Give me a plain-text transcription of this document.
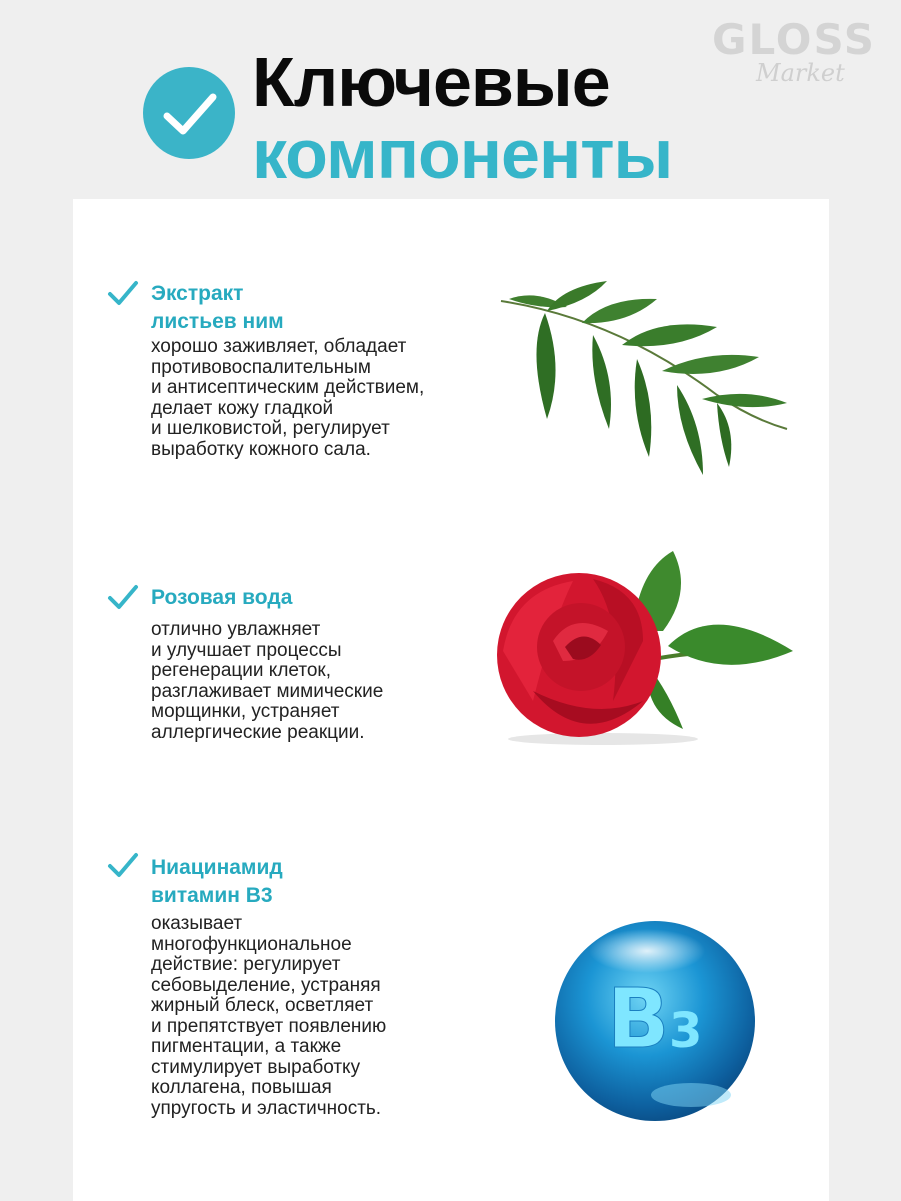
GLOSS
Market
Ключевые
компоненты
Экстракт
листьев ним
хорошо заживляет, обладает
противовоспалительным
и антисептическим действием,
делает кожу гладкой
и шелковистой, регулирует
выработку кожного сала.
Розовая вода
отлично увлажняет
и улучшает процессы
регенерации клеток,
разглаживает мимические
морщинки, устраняет
аллергические реакции.
Ниацинамид
витамин B3
оказывает
многофункциональное
действие: регулирует
себовыделение, устраняя
жирный блеск, осветляет
и препятствует появлению
пигментации, а также
стимулирует выработку
коллагена, повышая
упругость и эластичность.
B 3
